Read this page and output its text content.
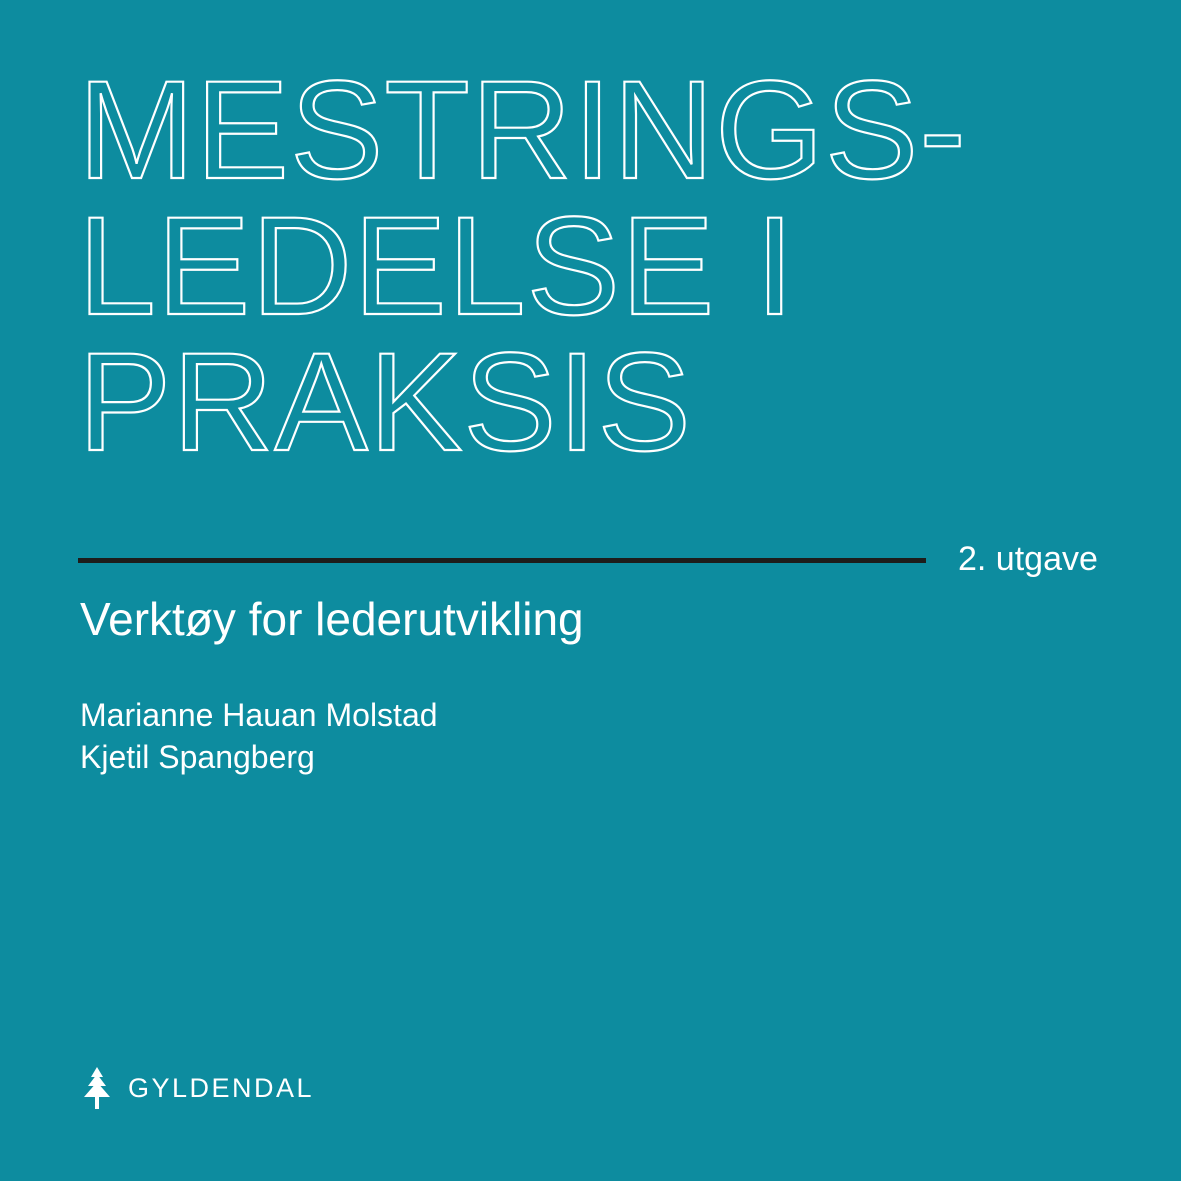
MESTRINGS-
LEDELSE I
PRAKSIS
2. utgave
Verktøy for lederutvikling
Marianne Hauan Molstad
Kjetil Spangberg
GYLDENDAL
